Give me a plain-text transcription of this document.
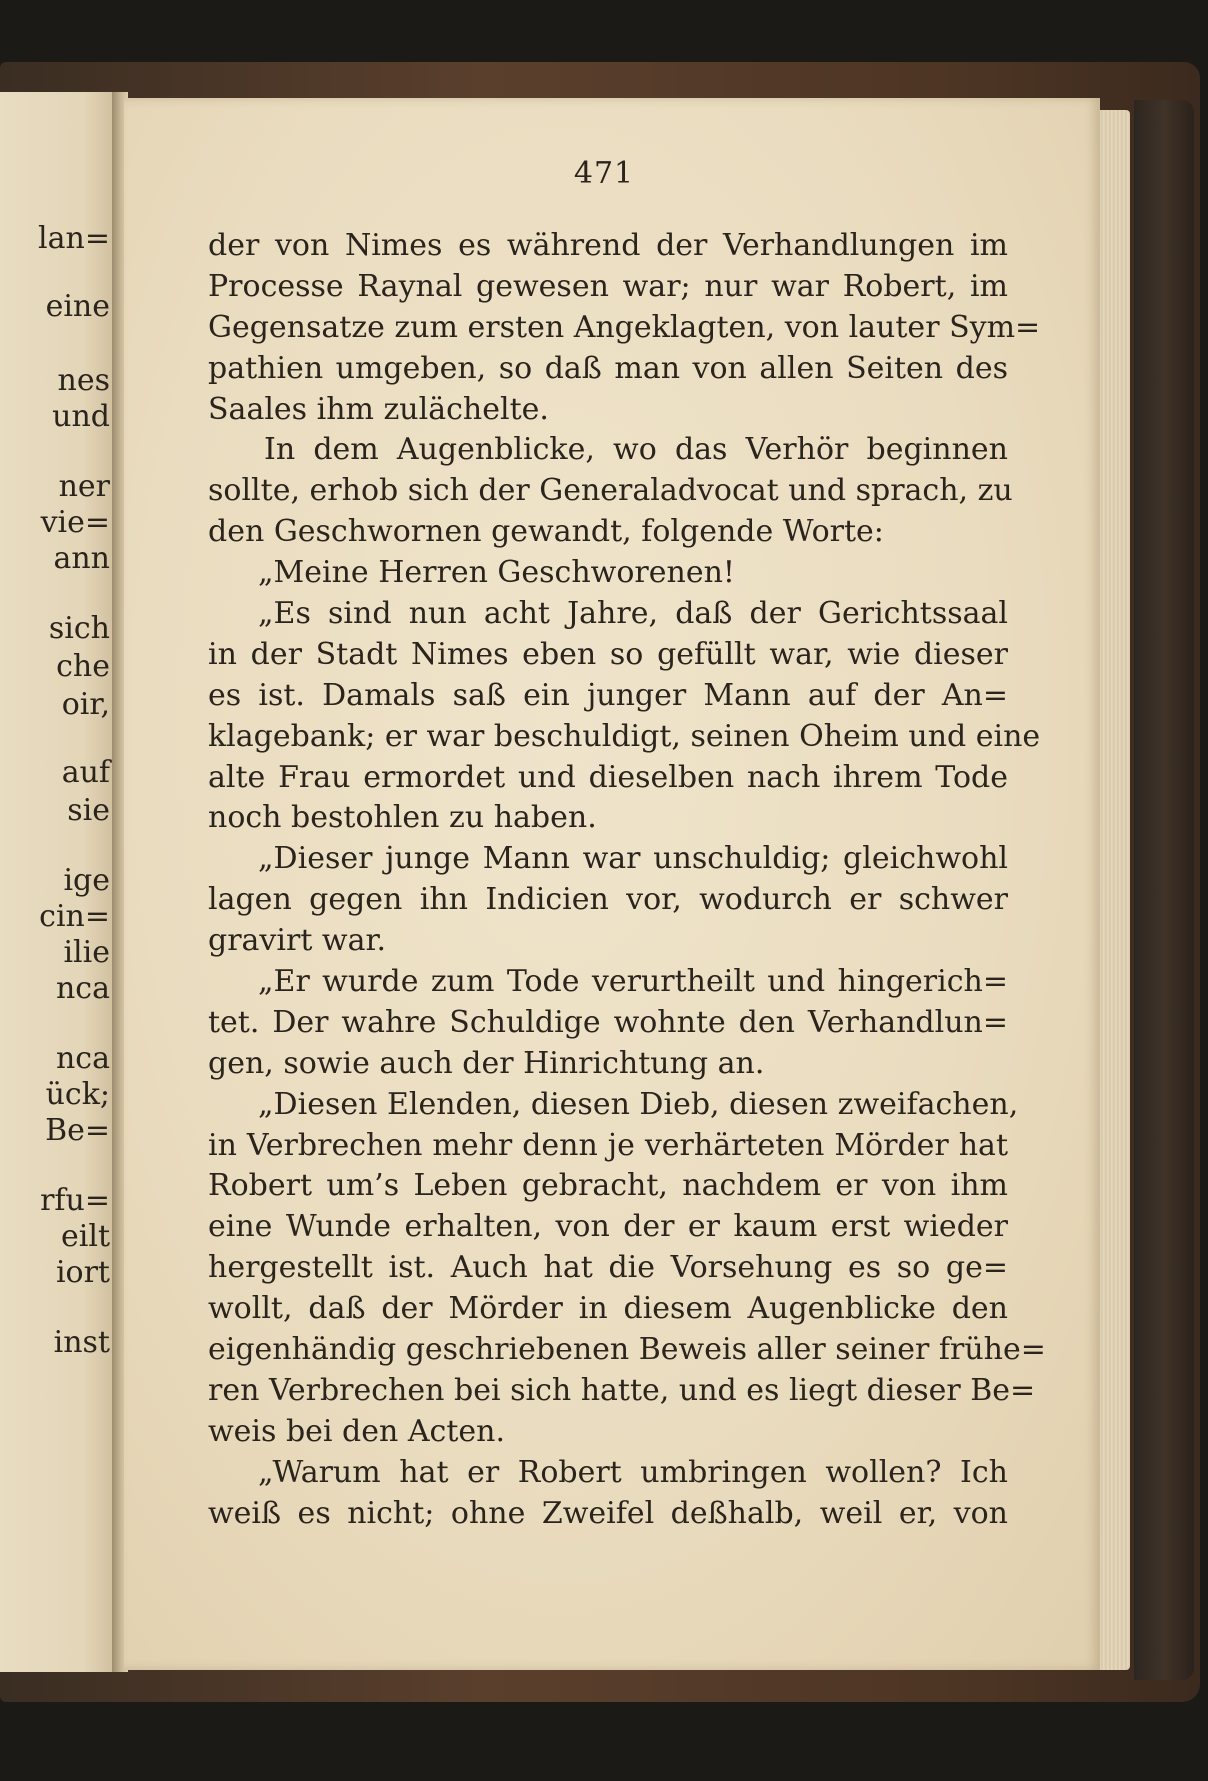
lan=

eine

nes

und

ner

vie=

ann

sich

che

oir,

auf

sie

ige

cin=

ilie

nca

nca

ück;

Be=

rfu=

eilt

iort

inst

471
der von Nimes es während der Verhandlungen im
Processe Raynal gewesen war; nur war Robert, im
Gegensatze zum ersten Angeklagten, von lauter Sym=
pathien umgeben, so daß man von allen Seiten des
Saales ihm zulächelte.
In dem Augenblicke, wo das Verhör beginnen
sollte, erhob sich der Generaladvocat und sprach, zu
den Geschwornen gewandt, folgende Worte:
„Meine Herren Geschworenen!
„Es sind nun acht Jahre, daß der Gerichtssaal
in der Stadt Nimes eben so gefüllt war, wie dieser
es ist. Damals saß ein junger Mann auf der An=
klagebank; er war beschuldigt, seinen Oheim und eine
alte Frau ermordet und dieselben nach ihrem Tode
noch bestohlen zu haben.
„Dieser junge Mann war unschuldig; gleichwohl
lagen gegen ihn Indicien vor, wodurch er schwer
gravirt war.
„Er wurde zum Tode verurtheilt und hingerich=
tet. Der wahre Schuldige wohnte den Verhandlun=
gen, sowie auch der Hinrichtung an.
„Diesen Elenden, diesen Dieb, diesen zweifachen,
in Verbrechen mehr denn je verhärteten Mörder hat
Robert um’s Leben gebracht, nachdem er von ihm
eine Wunde erhalten, von der er kaum erst wieder
hergestellt ist. Auch hat die Vorsehung es so ge=
wollt, daß der Mörder in diesem Augenblicke den
eigenhändig geschriebenen Beweis aller seiner frühe=
ren Verbrechen bei sich hatte, und es liegt dieser Be=
weis bei den Acten.
„Warum hat er Robert umbringen wollen? Ich
weiß es nicht; ohne Zweifel deßhalb, weil er, von
